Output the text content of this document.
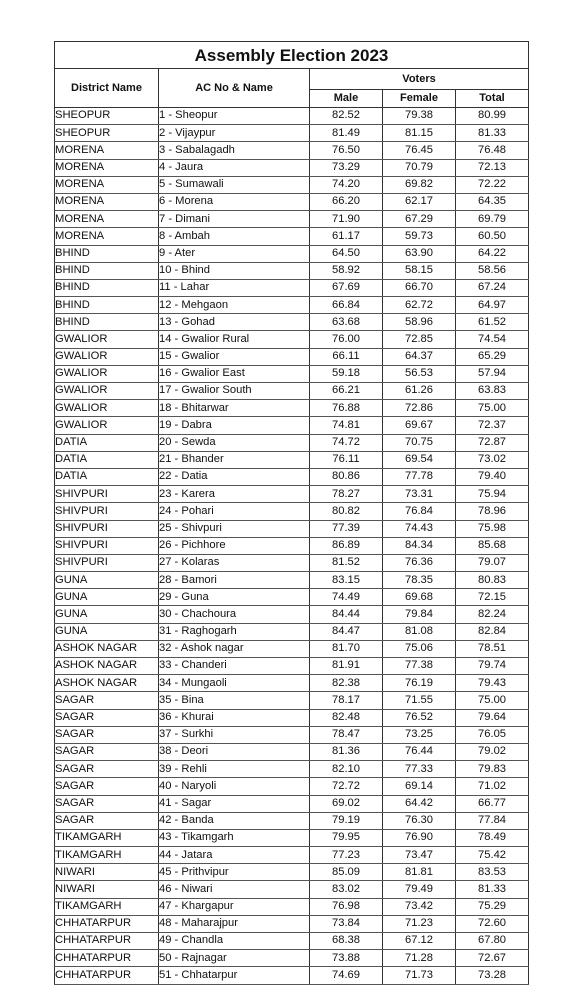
Assembly Election 2023				
District Name	AC No & Name	Voters		
		Male	Female	Total
SHEOPUR	1 - Sheopur	82.52	79.38	80.99
SHEOPUR	2 - Vijaypur	81.49	81.15	81.33
MORENA	3 - Sabalagadh	76.50	76.45	76.48
MORENA	4 - Jaura	73.29	70.79	72.13
MORENA	5 - Sumawali	74.20	69.82	72.22
MORENA	6 - Morena	66.20	62.17	64.35
MORENA	7 - Dimani	71.90	67.29	69.79
MORENA	8 - Ambah	61.17	59.73	60.50
BHIND	9 - Ater	64.50	63.90	64.22
BHIND	10 - Bhind	58.92	58.15	58.56
BHIND	11 - Lahar	67.69	66.70	67.24
BHIND	12 - Mehgaon	66.84	62.72	64.97
BHIND	13 - Gohad	63.68	58.96	61.52
GWALIOR	14 - Gwalior Rural	76.00	72.85	74.54
GWALIOR	15 - Gwalior	66.11	64.37	65.29
GWALIOR	16 - Gwalior East	59.18	56.53	57.94
GWALIOR	17 - Gwalior South	66.21	61.26	63.83
GWALIOR	18 - Bhitarwar	76.88	72.86	75.00
GWALIOR	19 - Dabra	74.81	69.67	72.37
DATIA	20 - Sewda	74.72	70.75	72.87
DATIA	21 - Bhander	76.11	69.54	73.02
DATIA	22 - Datia	80.86	77.78	79.40
SHIVPURI	23 - Karera	78.27	73.31	75.94
SHIVPURI	24 - Pohari	80.82	76.84	78.96
SHIVPURI	25 - Shivpuri	77.39	74.43	75.98
SHIVPURI	26 - Pichhore	86.89	84.34	85.68
SHIVPURI	27 - Kolaras	81.52	76.36	79.07
GUNA	28 - Bamori	83.15	78.35	80.83
GUNA	29 - Guna	74.49	69.68	72.15
GUNA	30 - Chachoura	84.44	79.84	82.24
GUNA	31 - Raghogarh	84.47	81.08	82.84
ASHOK NAGAR	32 - Ashok nagar	81.70	75.06	78.51
ASHOK NAGAR	33 - Chanderi	81.91	77.38	79.74
ASHOK NAGAR	34 - Mungaoli	82.38	76.19	79.43
SAGAR	35 - Bina	78.17	71.55	75.00
SAGAR	36 - Khurai	82.48	76.52	79.64
SAGAR	37 - Surkhi	78.47	73.25	76.05
SAGAR	38 - Deori	81.36	76.44	79.02
SAGAR	39 - Rehli	82.10	77.33	79.83
SAGAR	40 - Naryoli	72.72	69.14	71.02
SAGAR	41 - Sagar	69.02	64.42	66.77
SAGAR	42 - Banda	79.19	76.30	77.84
TIKAMGARH	43 - Tikamgarh	79.95	76.90	78.49
TIKAMGARH	44 - Jatara	77.23	73.47	75.42
NIWARI	45 - Prithvipur	85.09	81.81	83.53
NIWARI	46 - Niwari	83.02	79.49	81.33
TIKAMGARH	47 - Khargapur	76.98	73.42	75.29
CHHATARPUR	48 - Maharajpur	73.84	71.23	72.60
CHHATARPUR	49 - Chandla	68.38	67.12	67.80
CHHATARPUR	50 - Rajnagar	73.88	71.28	72.67
CHHATARPUR	51 - Chhatarpur	74.69	71.73	73.28
